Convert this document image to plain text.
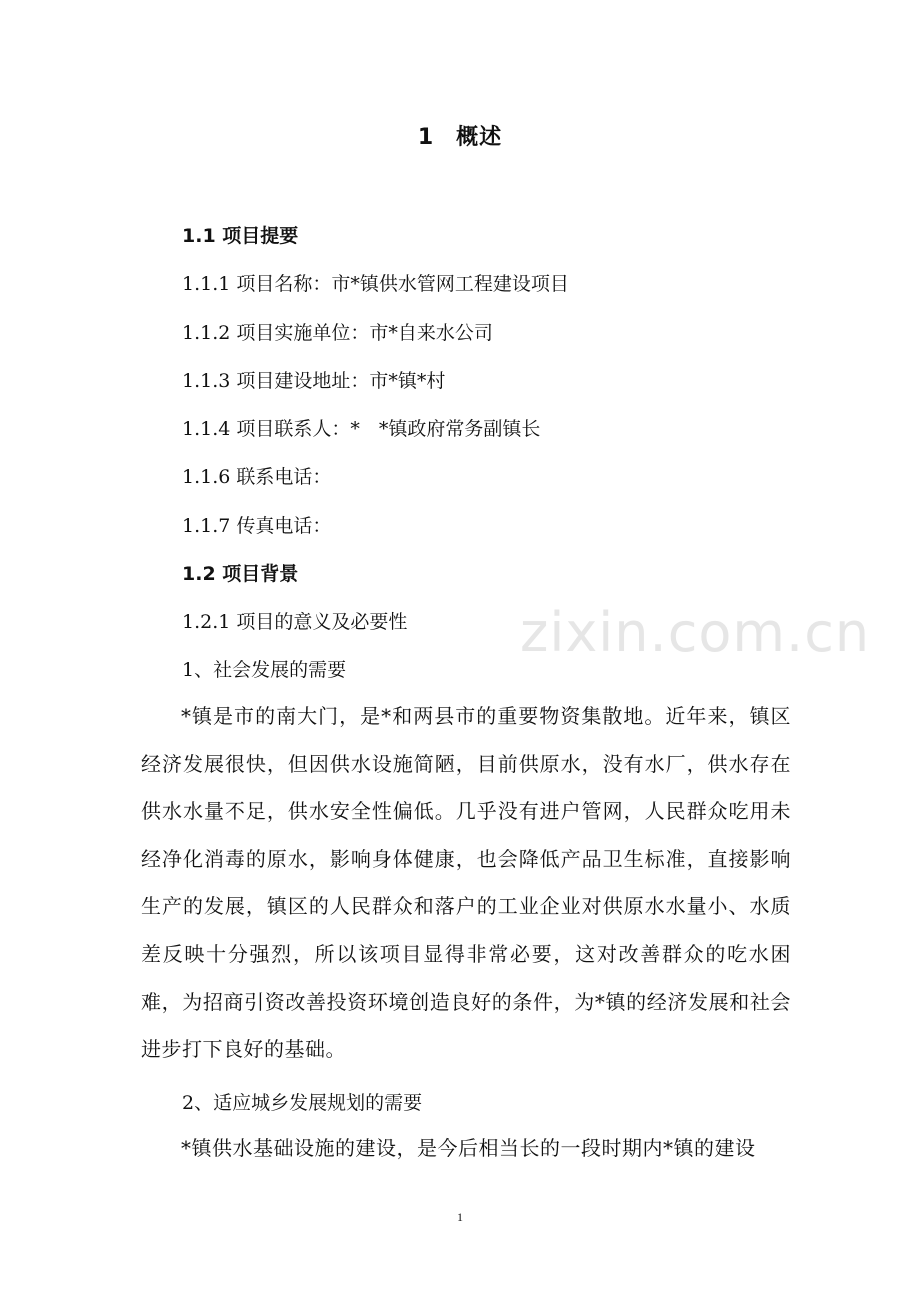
zixin.com.cn
1 概述
1.1 项目提要
1.1.1 项目名称：市*镇供水管网工程建设项目
1.1.2 项目实施单位：市*自来水公司
1.1.3 项目建设地址：市*镇*村
1.1.4 项目联系人：*　*镇政府常务副镇长
1.1.6 联系电话：
1.1.7 传真电话：
1.2 项目背景
1.2.1 项目的意义及必要性
1、社会发展的需要
*镇是市的南大门，是*和两县市的重要物资集散地。近年来，镇区经济发展很快，但因供水设施简陋，目前供原水，没有水厂，供水存在供水水量不足，供水安全性偏低。几乎没有进户管网，人民群众吃用未经净化消毒的原水，影响身体健康，也会降低产品卫生标准，直接影响生产的发展，镇区的人民群众和落户的工业企业对供原水水量小、水质差反映十分强烈，所以该项目显得非常必要，这对改善群众的吃水困难，为招商引资改善投资环境创造良好的条件，为*镇的经济发展和社会进步打下良好的基础。
2、适应城乡发展规划的需要
*镇供水基础设施的建设，是今后相当长的一段时期内*镇的建设
1
